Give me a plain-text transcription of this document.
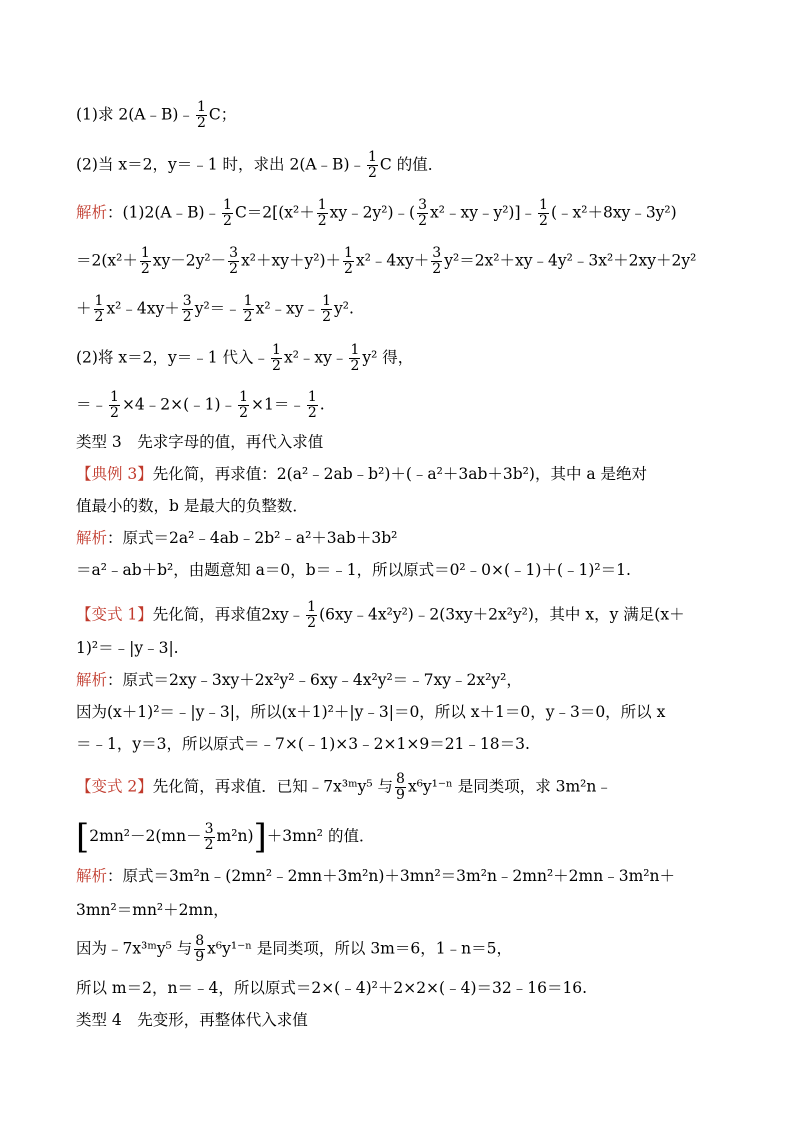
(1)求 2(A﹣B)﹣ $\frac{1}{2}$ C；
(2)当 x＝2，y＝﹣1 时，求出 2(A﹣B)﹣ $\frac{1}{2}$ C 的值．
解析：(1)2(A﹣B)﹣ $\frac{1}{2} C=2[(x^2+ \frac{1}{2}$ xy﹣2y²)﹣( $\frac{3}{2}$ x²﹣xy﹣y²)]﹣ $\frac{1}{2}$ (﹣x²＋8xy﹣3y²)
$=2(x^2+ \frac{1}{2} xy-2y^2- \frac{3}{2} x^2+xy+y^2)+ \frac{1}{2}$ x²﹣4xy＋ $\frac{3}{2}$ y²＝2x²＋xy﹣4y²﹣3x²＋2xy＋2y²
＋ $\frac{1}{2}$ x²﹣4xy＋ $\frac{3}{2}$ y²＝﹣ $\frac{1}{2}$ x²﹣xy﹣ $\frac{1}{2} y^2$.
(2)将 x＝2，y＝﹣1 代入﹣ $\frac{1}{2}$ x²﹣xy﹣ $\frac{1}{2} y^2$ 得，
＝﹣ $\frac{1}{2}$ ×4﹣2×(﹣1)﹣ $\frac{1}{2}$ ×1＝﹣ $\frac{1}{2}$ .
类型 3　先求字母的值，再代入求值
【典例 3】先化简，再求值：2(a²﹣2ab﹣b²)＋(﹣a²＋3ab＋3b²)，其中 a 是绝对
值最小的数，b 是最大的负整数．
解析：原式＝2a²﹣4ab﹣2b²﹣a²＋3ab＋3b²
＝a²﹣ab＋b²，由题意知 a＝0，b＝﹣1，所以原式＝0²﹣0×(﹣1)＋(﹣1)²＝1.
【变式 1】先化简，再求值2xy﹣ $\frac{1}{2}$ (6xy﹣4x²y²)﹣2(3xy＋2x²y²)，其中 x，y 满足(x＋
1)²＝﹣|y﹣3|.
解析：原式＝2xy﹣3xy＋2x²y²﹣6xy﹣4x²y²＝﹣7xy﹣2x²y²，
因为(x＋1)²＝﹣|y﹣3|，所以(x＋1)²＋|y﹣3|＝0，所以 x＋1＝0，y﹣3＝0，所以 x
＝﹣1，y＝3，所以原式＝﹣7×(﹣1)×3﹣2×1×9＝21﹣18＝3.
【变式 2】先化简，再求值．已知﹣7x³ᵐy⁵ 与 $\frac{8}{9} x^6y^{1-n}$ 是同类项，求 3m²n﹣
$[2mn^2-2(mn- \frac{3}{2} m^2n)]+3mn^2$ 的值．
解析：原式＝3m²n﹣(2mn²﹣2mn＋3m²n)＋3mn²＝3m²n﹣2mn²＋2mn﹣3m²n＋
3mn²＝mn²＋2mn，
因为﹣7x³ᵐy⁵ 与 $\frac{8}{9} x^6y^{1-n}$ 是同类项，所以 3m＝6，1﹣n＝5，
所以 m＝2，n＝﹣4，所以原式＝2×(﹣4)²＋2×2×(﹣4)＝32﹣16＝16.
类型 4　先变形，再整体代入求值
